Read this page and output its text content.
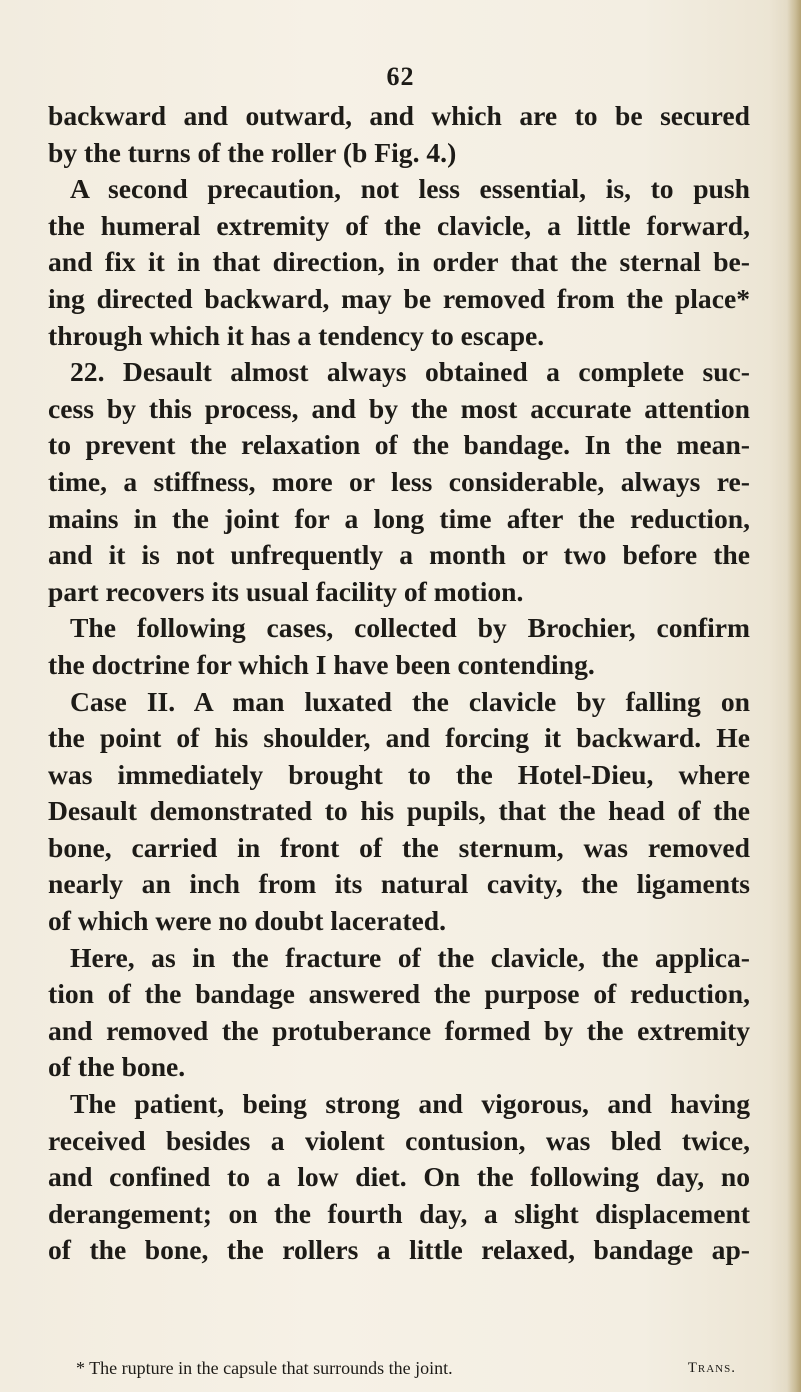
62
backward and outward, and which are to be secured
by the turns of the roller (b Fig. 4.)
A second precaution, not less essential, is, to push
the humeral extremity of the clavicle, a little forward,
and fix it in that direction, in order that the sternal be-
ing directed backward, may be removed from the place*
through which it has a tendency to escape.
22. Desault almost always obtained a complete suc-
cess by this process, and by the most accurate attention
to prevent the relaxation of the bandage. In the mean-
time, a stiffness, more or less considerable, always re-
mains in the joint for a long time after the reduction,
and it is not unfrequently a month or two before the
part recovers its usual facility of motion.
The following cases, collected by Brochier, confirm
the doctrine for which I have been contending.
Case II. A man luxated the clavicle by falling on
the point of his shoulder, and forcing it backward. He
was immediately brought to the Hotel-Dieu, where
Desault demonstrated to his pupils, that the head of the
bone, carried in front of the sternum, was removed
nearly an inch from its natural cavity, the ligaments
of which were no doubt lacerated.
Here, as in the fracture of the clavicle, the applica-
tion of the bandage answered the purpose of reduction,
and removed the protuberance formed by the extremity
of the bone.
The patient, being strong and vigorous, and having
received besides a violent contusion, was bled twice,
and confined to a low diet. On the following day, no
derangement; on the fourth day, a slight displacement
of the bone, the rollers a little relaxed, bandage ap-
* The rupture in the capsule that surrounds the joint.	Trans.
